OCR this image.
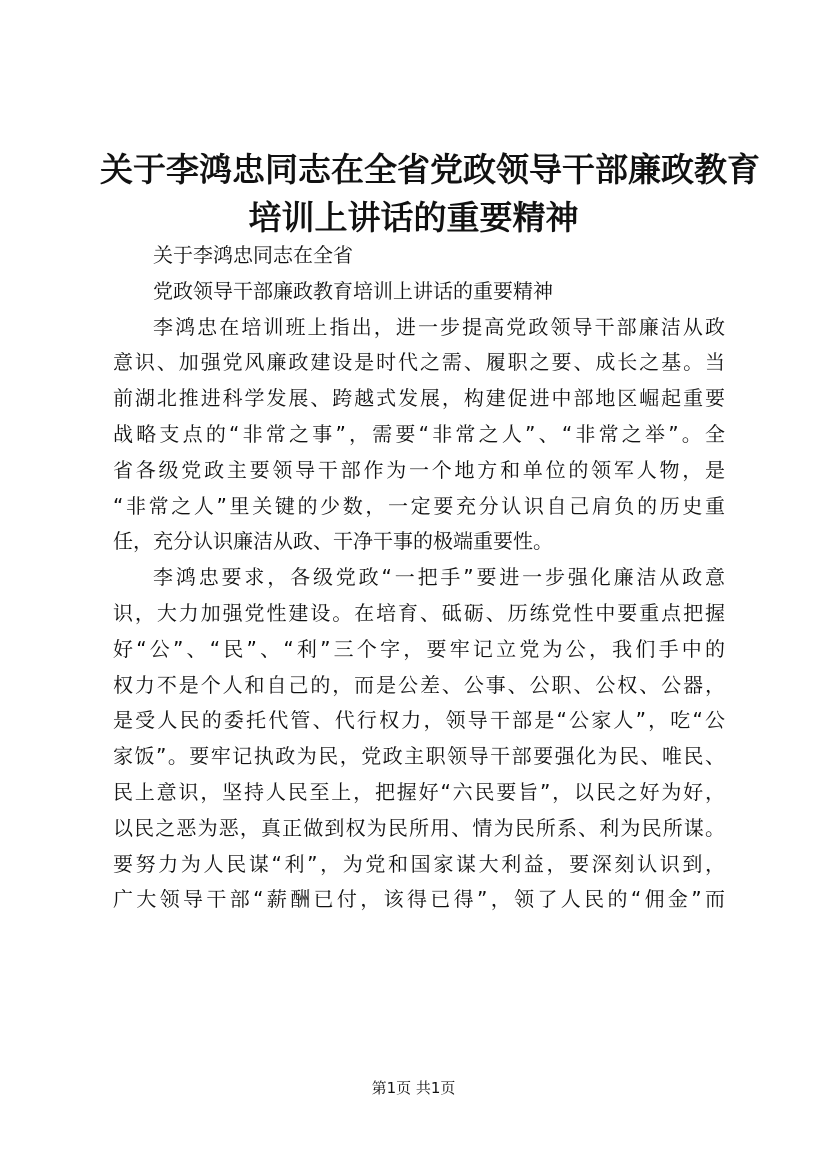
关于李鸿忠同志在全省党政领导干部廉政教育
培训上讲话的重要精神
关于李鸿忠同志在全省
党政领导干部廉政教育培训上讲话的重要精神
李鸿忠在培训班上指出，进一步提高党政领导干部廉洁从政
意识、加强党风廉政建设是时代之需、履职之要、成长之基。当
前湖北推进科学发展、跨越式发展，构建促进中部地区崛起重要
战略支点的“非常之事”，需要“非常之人”、“非常之举”。全
省各级党政主要领导干部作为一个地方和单位的领军人物，是
“非常之人”里关键的少数，一定要充分认识自己肩负的历史重
任，充分认识廉洁从政、干净干事的极端重要性。
李鸿忠要求，各级党政“一把手”要进一步强化廉洁从政意
识，大力加强党性建设。在培育、砥砺、历练党性中要重点把握
好“公”、“民”、“利”三个字，要牢记立党为公，我们手中的
权力不是个人和自己的，而是公差、公事、公职、公权、公器，
是受人民的委托代管、代行权力，领导干部是“公家人”，吃“公
家饭”。要牢记执政为民，党政主职领导干部要强化为民、唯民、
民上意识，坚持人民至上，把握好“六民要旨”，以民之好为好，
以民之恶为恶，真正做到权为民所用、情为民所系、利为民所谋。
要努力为人民谋“利”，为党和国家谋大利益，要深刻认识到，
广大领导干部“薪酬已付，该得已得”，领了人民的“佣金”而
第1页 共1页
